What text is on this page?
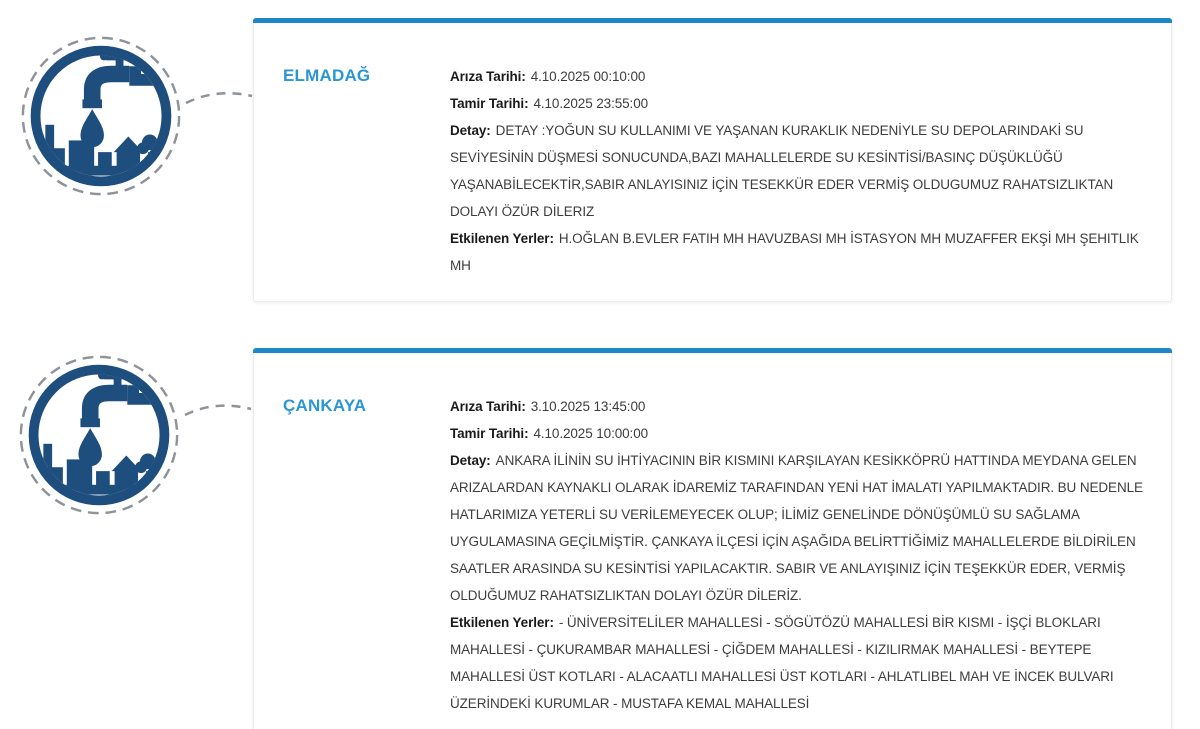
ELMADAĞ	Arıza Tarihi: 4.10.2025 00:10:00

Tamir Tarihi: 4.10.2025 23:55:00

Detay: DETAY :YOĞUN SU KULLANIMI VE YAŞANAN KURAKLIK NEDENİYLE SU DEPOLARINDAKİ SU SEVİYESİNİN DÜŞMESİ SONUCUNDA,BAZI MAHALLELERDE SU KESİNTİSİ/BASINÇ DÜŞÜKLÜĞÜ YAŞANABİLECEKTİR,SABIR ANLAYISINIZ İÇİN TESEKKÜR EDER VERMİŞ OLDUGUMUZ RAHATSIZLIKTAN DOLAYI ÖZÜR DİLERIZ

Etkilenen Yerler: H.OĞLAN B.EVLER FATIH MH HAVUZBASI MH İSTASYON MH MUZAFFER EKŞİ MH ŞEHITLIK MH

ÇANKAYA	Arıza Tarihi: 3.10.2025 13:45:00

Tamir Tarihi: 4.10.2025 10:00:00

Detay: ANKARA İLİNİN SU İHTİYACININ BİR KISMINI KARŞILAYAN KESİKKÖPRÜ HATTINDA MEYDANA GELEN ARIZALARDAN KAYNAKLI OLARAK İDAREMİZ TARAFINDAN YENİ HAT İMALATI YAPILMAKTADIR. BU NEDENLE HATLARIMIZA YETERLİ SU VERİLEMEYECEK OLUP; İLİMİZ GENELİNDE DÖNÜŞÜMLÜ SU SAĞLAMA UYGULAMASINA GEÇİLMİŞTİR. ÇANKAYA İLÇESİ İÇİN AŞAĞIDA BELİRTTİĞİMİZ MAHALLELERDE BİLDİRİLEN SAATLER ARASINDA SU KESİNTİSİ YAPILACAKTIR. SABIR VE ANLAYIŞINIZ İÇİN TEŞEKKÜR EDER, VERMİŞ OLDUĞUMUZ RAHATSIZLIKTAN DOLAYI ÖZÜR DİLERİZ.

Etkilenen Yerler: - ÜNİVERSİTELİLER MAHALLESİ - SÖGÜTÖZÜ MAHALLESİ BİR KISMI - İŞÇİ BLOKLARI MAHALLESİ - ÇUKURAMBAR MAHALLESİ - ÇİĞDEM MAHALLESİ - KIZILIRMAK MAHALLESİ - BEYTEPE MAHALLESİ ÜST KOTLARI - ALACAATLI MAHALLESİ ÜST KOTLARI - AHLATLIBEL MAH VE İNCEK BULVARI ÜZERİNDEKİ KURUMLAR - MUSTAFA KEMAL MAHALLESİ
